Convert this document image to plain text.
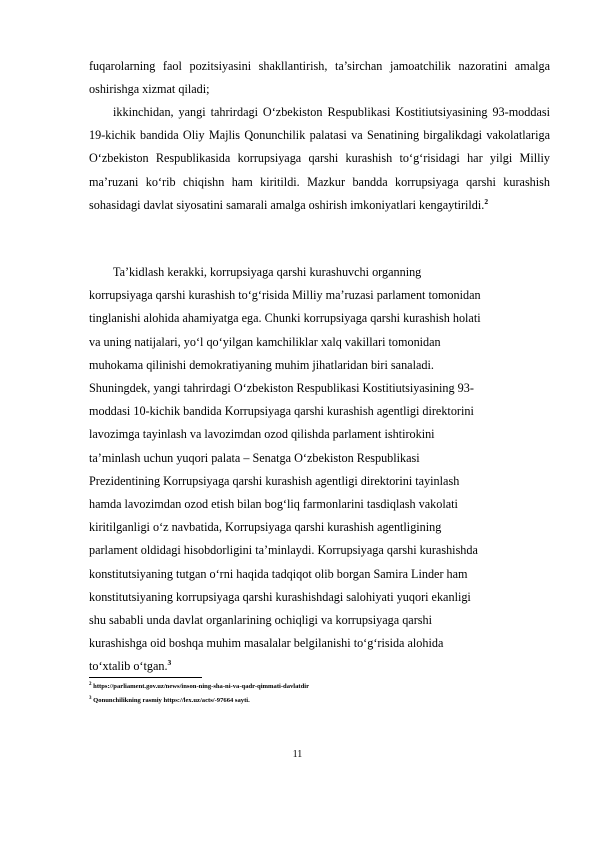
fuqarolarning faol pozitsiyasini shakllantirish, ta’sirchan jamoatchilik nazoratini amalga oshirishga xizmat qiladi;

ikkinchidan, yangi tahrirdagi O‘zbekiston Respublikasi Kostitiutsiyasining 93-moddasi 19-kichik bandida Oliy Majlis Qonunchilik palatasi va Senatining birgalikdagi vakolatlariga O‘zbekiston Respublikasida korrupsiyaga qarshi kurashish to‘g‘risidagi har yilgi Milliy ma’ruzani ko‘rib chiqishn ham kiritildi. Mazkur bandda korrupsiyaga qarshi kurashish sohasidagi davlat siyosatini samarali amalga oshirish imkoniyatlari kengaytirildi.$^2$

Ta’kidlash kerakki, korrupsiyaga qarshi kurashuvchi organning
korrupsiyaga qarshi kurashish to‘g‘risida Milliy ma’ruzasi parlament tomonidan
tinglanishi alohida ahamiyatga ega. Chunki korrupsiyaga qarshi kurashish holati
va uning natijalari, yo‘l qo‘yilgan kamchiliklar xalq vakillari tomonidan
muhokama qilinishi demokratiyaning muhim jihatlaridan biri sanaladi.
Shuningdek, yangi tahrirdagi O‘zbekiston Respublikasi Kostitiutsiyasining 93-
moddasi 10-kichik bandida Korrupsiyaga qarshi kurashish agentligi direktorini
lavozimga tayinlash va lavozimdan ozod qilishda parlament ishtirokini
ta’minlash uchun yuqori palata – Senatga O‘zbekiston Respublikasi
Prezidentining Korrupsiyaga qarshi kurashish agentligi direktorini tayinlash
hamda lavozimdan ozod etish bilan bog‘liq farmonlarini tasdiqlash vakolati
kiritilganligi o‘z navbatida, Korrupsiyaga qarshi kurashish agentligining
parlament oldidagi hisobdorligini ta’minlaydi. Korrupsiyaga qarshi kurashishda
konstitutsiyaning tutgan o‘rni haqida tadqiqot olib borgan Samira Linder ham
konstitutsiyaning korrupsiyaga qarshi kurashishdagi salohiyati yuqori ekanligi
shu sababli unda davlat organlarining ochiqligi va korrupsiyaga qarshi
kurashishga oid boshqa muhim masalalar belgilanishi to‘g‘risida alohida
to‘xtalib o‘tgan.$^3$
$^2$ https://parliament.gov.uz/news/inson-ning-sha-ni-va-qadr-qimmati-davlatdir
$^3$ Qonunchilikning rasmiy https://lex.uz/acts/-97664 sayti.
11
